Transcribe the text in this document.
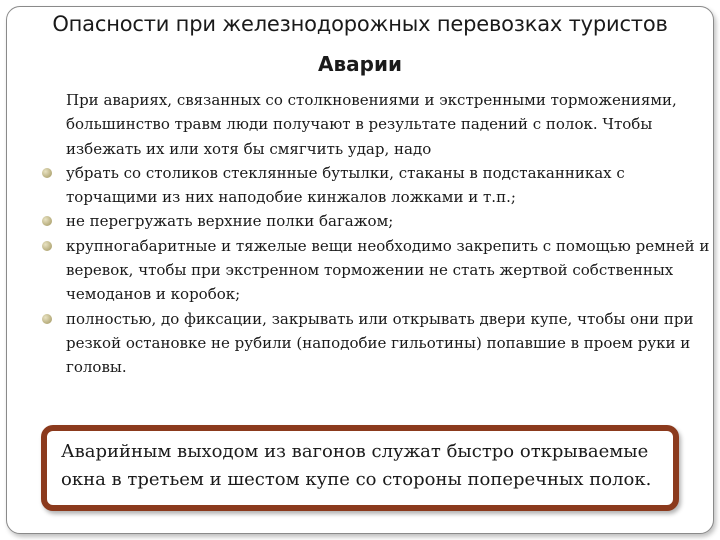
Опасности при железнодорожных перевозках туристов
Аварии

При авариях, связанных со столкновениями и экстренными торможениями, большинство травм люди получают в результате падений с полок. Чтобы избежать их или хотя бы смягчить удар, надо

убрать со столиков стеклянные бутылки, стаканы в подстаканниках с торчащими из них наподобие кинжалов ложками и т.п.;
не перегружать верхние полки багажом;
крупногабаритные и тяжелые вещи необходимо закрепить с помощью ремней и веревок, чтобы при экстренном торможении не стать жертвой собственных чемоданов и коробок;
полностью, до фиксации, закрывать или открывать двери купе, чтобы они при резкой остановке не рубили (наподобие гильотины) попавшие в проем руки и головы.
Аварийным выходом из вагонов служат быстро открываемые окна в третьем и шестом купе со стороны поперечных полок.
